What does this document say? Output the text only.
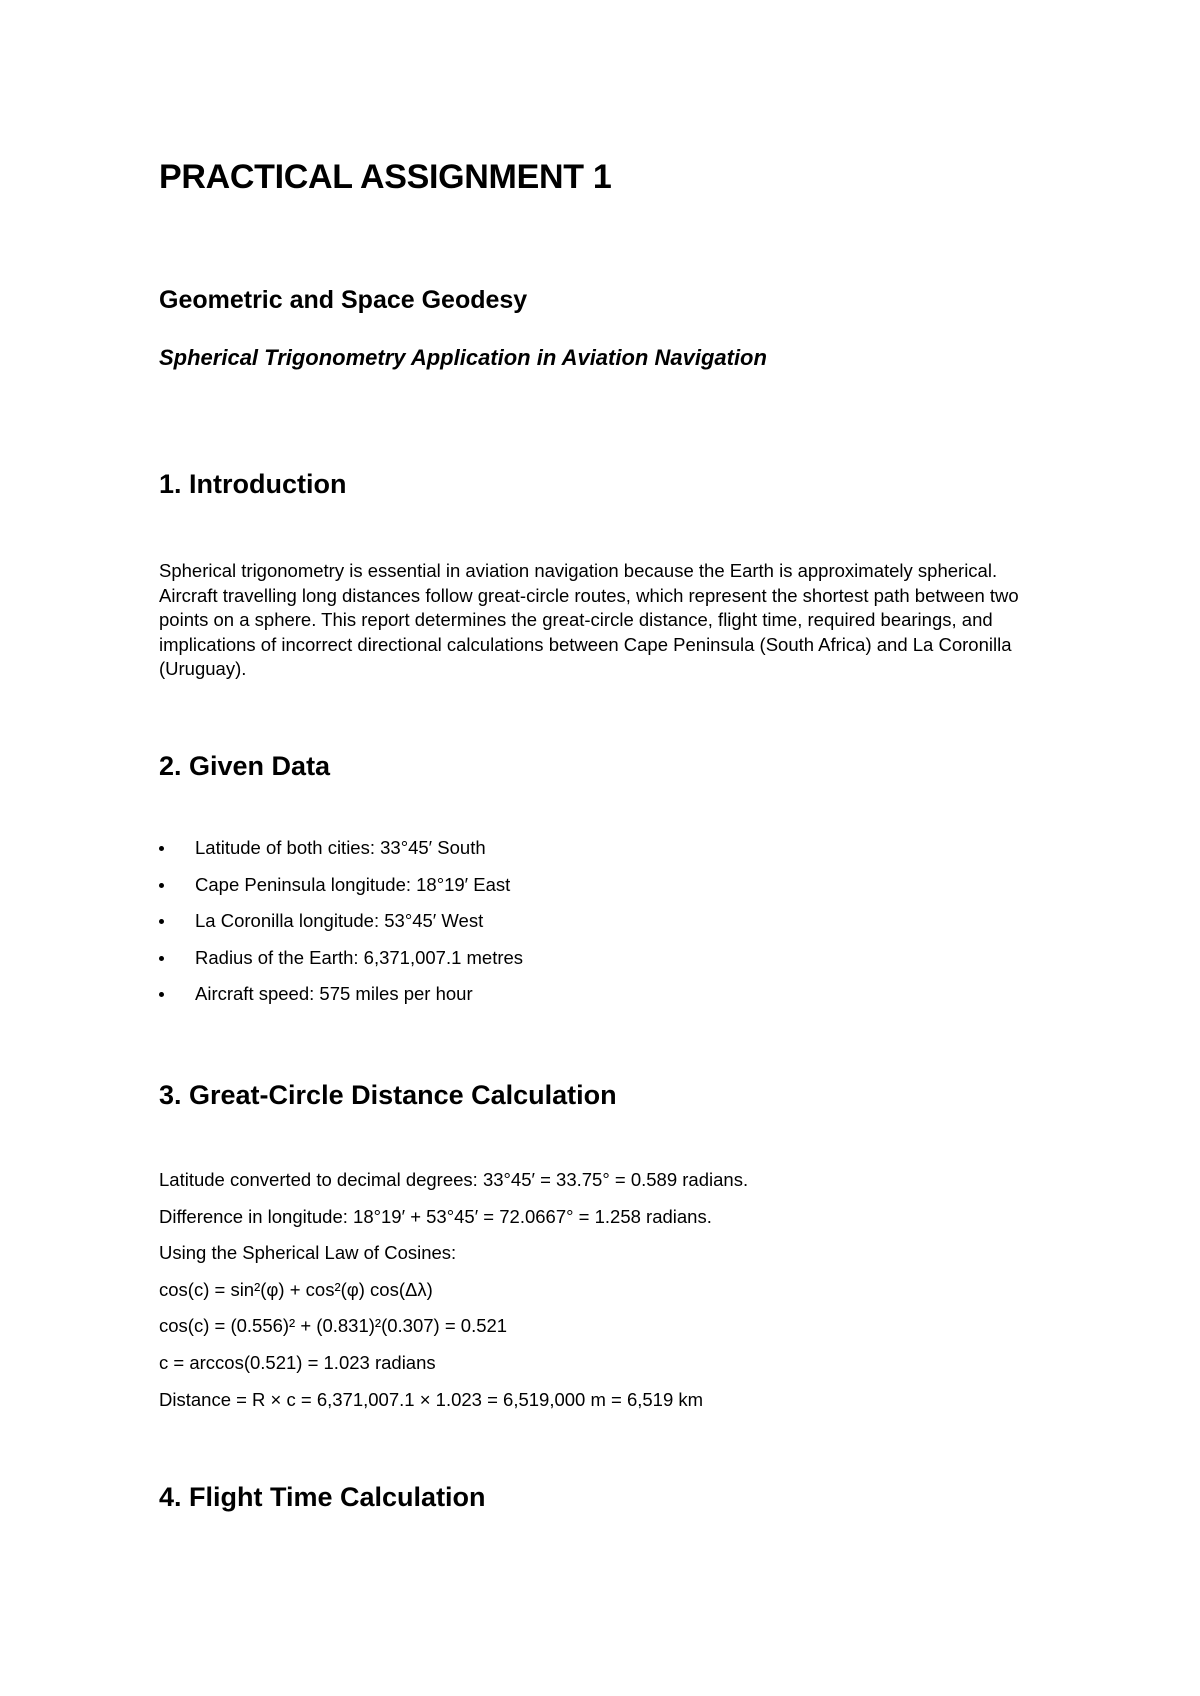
PRACTICAL ASSIGNMENT 1
Geometric and Space Geodesy
Spherical Trigonometry Application in Aviation Navigation
1. Introduction

Spherical trigonometry is essential in aviation navigation because the Earth is approximately spherical. Aircraft travelling long distances follow great-circle routes, which represent the shortest path between two points on a sphere. This report determines the great-circle distance, flight time, required bearings, and implications of incorrect directional calculations between Cape Peninsula (South Africa) and La Coronilla (Uruguay).

2. Given Data
Latitude of both cities: 33°45′ South
Cape Peninsula longitude: 18°19′ East
La Coronilla longitude: 53°45′ West
Radius of the Earth: 6,371,007.1 metres
Aircraft speed: 575 miles per hour
3. Great-Circle Distance Calculation
Latitude converted to decimal degrees: 33°45′ = 33.75° = 0.589 radians.
Difference in longitude: 18°19′ + 53°45′ = 72.0667° = 1.258 radians.
Using the Spherical Law of Cosines:
cos(c) = sin²(φ) + cos²(φ) cos(Δλ)
cos(c) = (0.556)² + (0.831)²(0.307) = 0.521
c = arccos(0.521) = 1.023 radians
Distance = R × c = 6,371,007.1 × 1.023 = 6,519,000 m = 6,519 km
4. Flight Time Calculation
